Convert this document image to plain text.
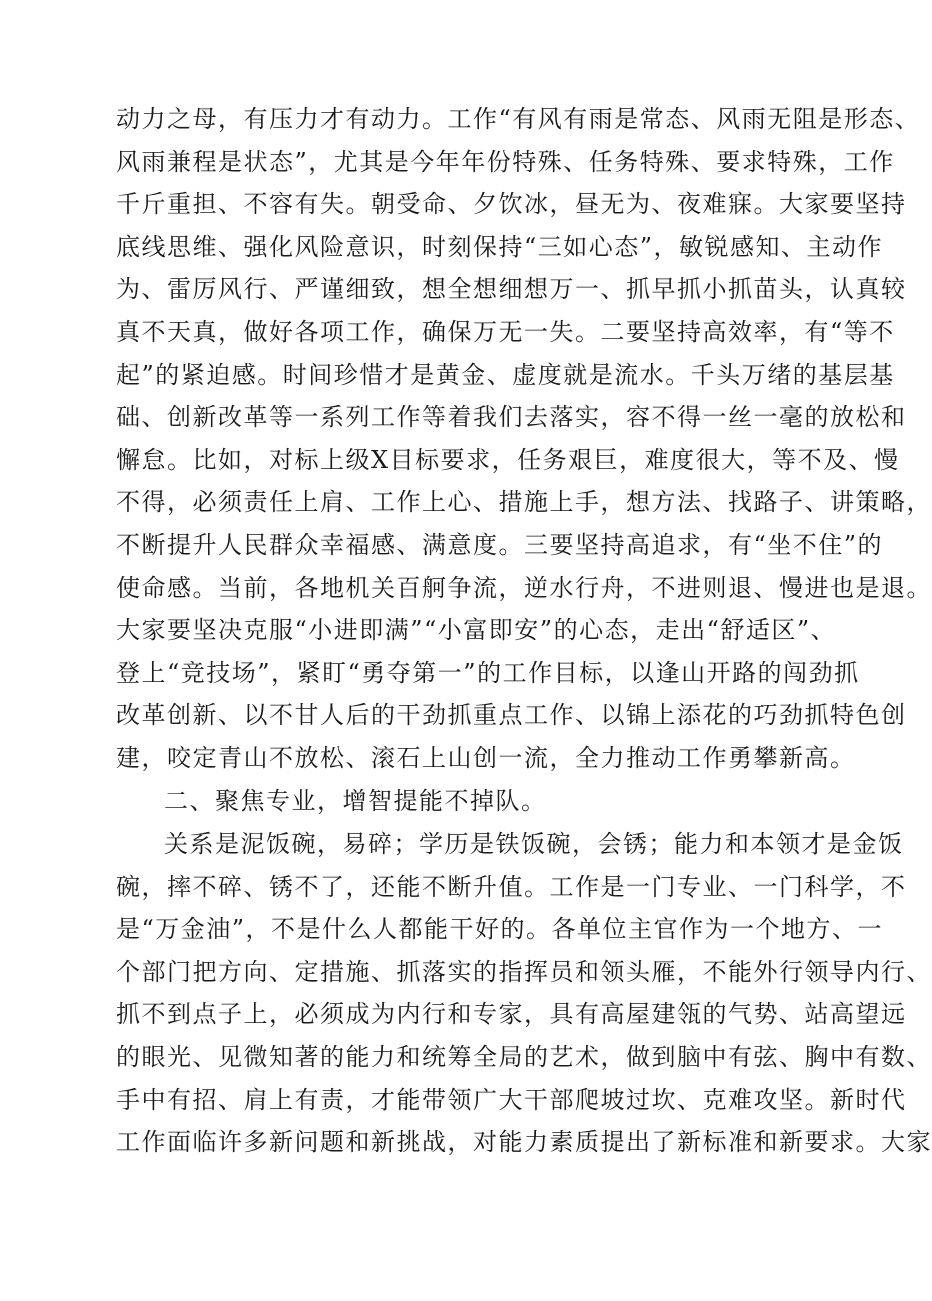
动力之母，有压力才有动力。工作“有风有雨是常态、风雨无阻是形态、
风雨兼程是状态”，尤其是今年年份特殊、任务特殊、要求特殊，工作
千斤重担、不容有失。朝受命、夕饮冰，昼无为、夜难寐。大家要坚持
底线思维、强化风险意识，时刻保持“三如心态”，敏锐感知、主动作
为、雷厉风行、严谨细致，想全想细想万一、抓早抓小抓苗头，认真较
真不天真，做好各项工作，确保万无一失。二要坚持高效率，有“等不
起”的紧迫感。时间珍惜才是黄金、虚度就是流水。千头万绪的基层基
础、创新改革等一系列工作等着我们去落实，容不得一丝一毫的放松和
懈怠。比如，对标上级X目标要求，任务艰巨，难度很大，等不及、慢
不得，必须责任上肩、工作上心、措施上手，想方法、找路子、讲策略，
不断提升人民群众幸福感、满意度。三要坚持高追求，有“坐不住”的
使命感。当前，各地机关百舸争流，逆水行舟，不进则退、慢进也是退。
大家要坚决克服“小进即满”“小富即安”的心态，走出“舒适区”、
登上“竞技场”，紧盯“勇夺第一”的工作目标，以逢山开路的闯劲抓
改革创新、以不甘人后的干劲抓重点工作、以锦上添花的巧劲抓特色创
建，咬定青山不放松、滚石上山创一流，全力推动工作勇攀新高。
二、聚焦专业，增智提能不掉队。
关系是泥饭碗，易碎；学历是铁饭碗，会锈；能力和本领才是金饭
碗，摔不碎、锈不了，还能不断升值。工作是一门专业、一门科学，不
是“万金油”，不是什么人都能干好的。各单位主官作为一个地方、一
个部门把方向、定措施、抓落实的指挥员和领头雁，不能外行领导内行、
抓不到点子上，必须成为内行和专家，具有高屋建瓴的气势、站高望远
的眼光、见微知著的能力和统筹全局的艺术，做到脑中有弦、胸中有数、
手中有招、肩上有责，才能带领广大干部爬坡过坎、克难攻坚。新时代
工作面临许多新问题和新挑战，对能力素质提出了新标准和新要求。大家
